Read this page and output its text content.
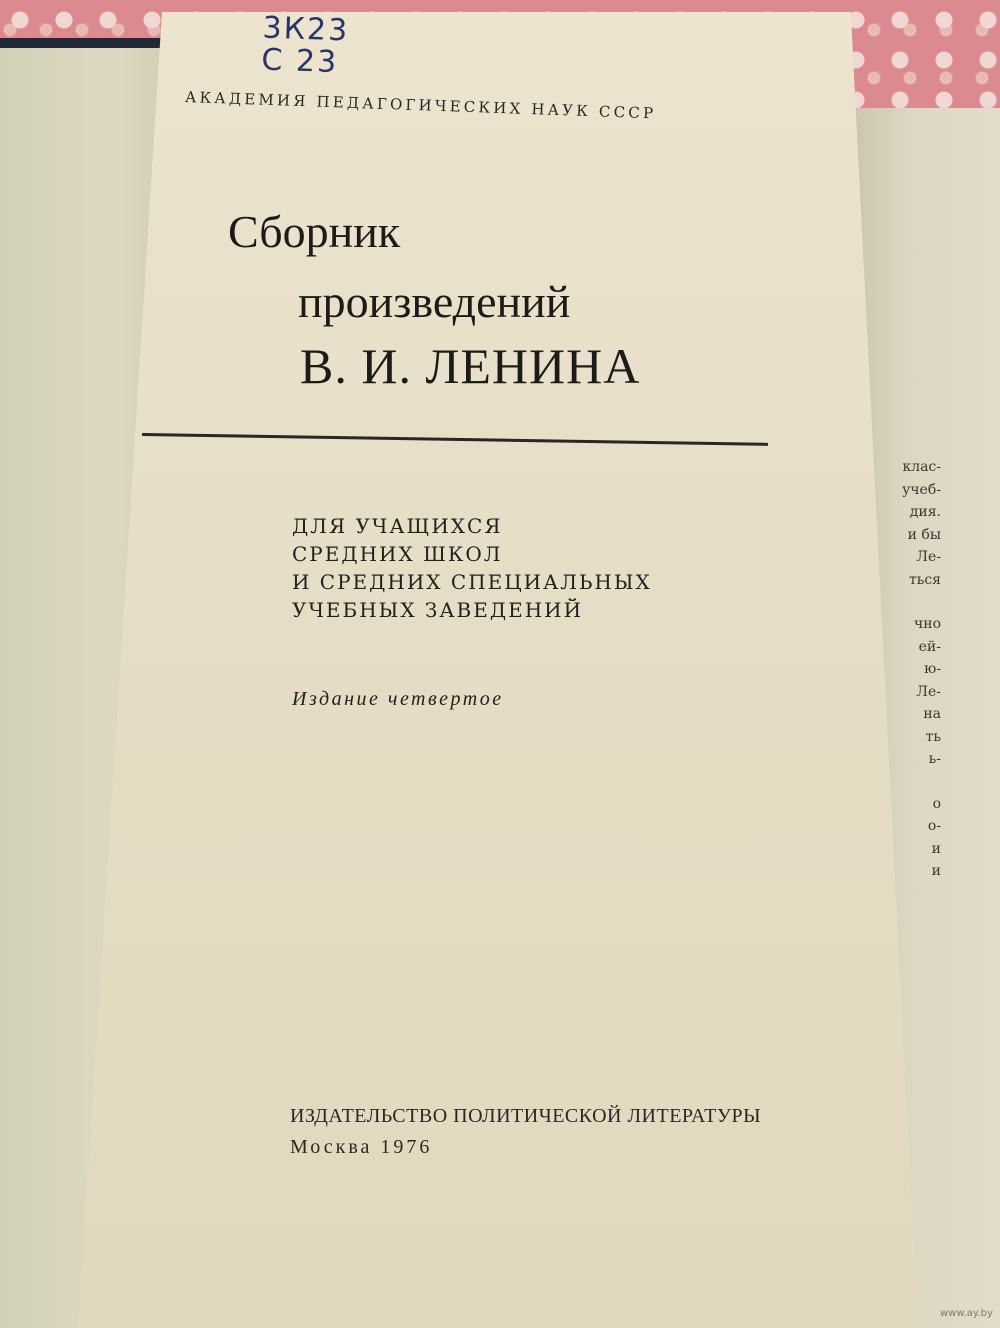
клас-
учеб-
дия.
и бы
Ле-
ться
чно
ей-
ю-
Ле-
на
ть
ь-
о
о-
и
и
3К23
С 23
АКАДЕМИЯ ПЕДАГОГИЧЕСКИХ НАУК СССР
Сборник
произведений
В. И. ЛЕНИНА
ДЛЯ УЧАЩИХСЯ
СРЕДНИХ ШКОЛ
И СРЕДНИХ СПЕЦИАЛЬНЫХ
УЧЕБНЫХ ЗАВЕДЕНИЙ
Издание четвертое
ИЗДАТЕЛЬСТВО ПОЛИТИЧЕСКОЙ ЛИТЕРАТУРЫ
Москва 1976
www.ay.by
